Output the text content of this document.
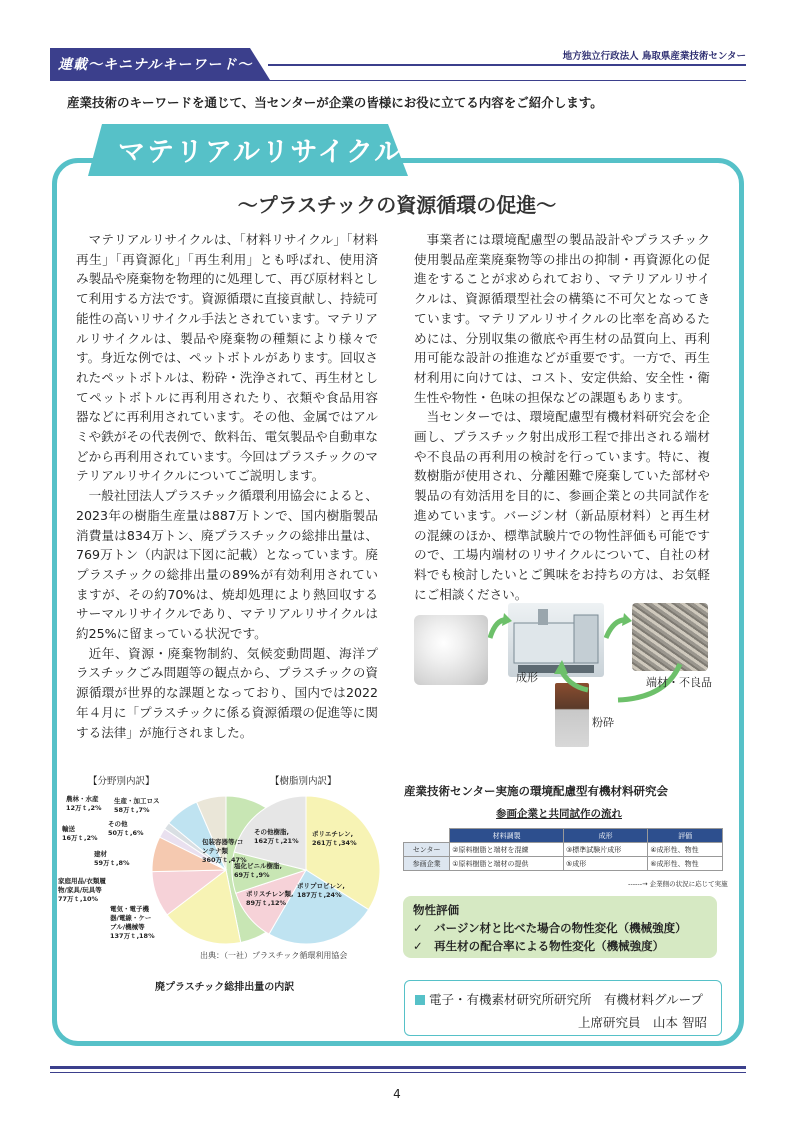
連載～キニナルキーワード～
地方独立行政法人 鳥取県産業技術センター
産業技術のキーワードを通じて、当センターが企業の皆様にお役に立てる内容をご紹介します。
マテリアルリサイクル
～プラスチックの資源循環の促進～

マテリアルリサイクルは、「材料リサイクル」「材料再生」「再資源化」「再生利用」とも呼ばれ、使用済み製品や廃棄物を物理的に処理して、再び原材料として利用する方法です。資源循環に直接貢献し、持続可能性の高いリサイクル手法とされています。マテリアルリサイクルは、製品や廃棄物の種類により様々です。身近な例では、ペットボトルがあります。回収されたペットボトルは、粉砕・洗浄されて、再生材としてペットボトルに再利用されたり、衣類や食品用容器などに再利用されています。その他、金属ではアルミや鉄がその代表例で、飲料缶、電気製品や自動車などから再利用されています。今回はプラスチックのマテリアルリサイクルについてご説明します。

一般社団法人プラスチック循環利用協会によると、2023年の樹脂生産量は887万トンで、国内樹脂製品消費量は834万トン、廃プラスチックの総排出量は、769万トン（内訳は下図に記載）となっています。廃プラスチックの総排出量の89%が有効利用されていますが、その約70%は、焼却処理により熱回収するサーマルリサイクルであり、マテリアルリサイクルは約25%に留まっている状況です。

近年、資源・廃棄物制約、気候変動問題、海洋プラスチックごみ問題等の観点から、プラスチックの資源循環が世界的な課題となっており、国内では2022年４月に「プラスチックに係る資源循環の促進等に関する法律」が施行されました。

事業者には環境配慮型の製品設計やプラスチック使用製品産業廃棄物等の排出の抑制・再資源化の促進をすることが求められており、マテリアルリサイクルは、資源循環型社会の構築に不可欠となってきています。マテリアルリサイクルの比率を高めるためには、分別収集の徹底や再生材の品質向上、再利用可能な設計の推進などが重要です。一方で、再生材利用に向けては、コスト、安定供給、安全性・衛生性や物性・色味の担保などの課題もあります。

当センターでは、環境配慮型有機材料研究会を企画し、プラスチック射出成形工程で排出される端材や不良品の再利用の検討を行っています。特に、複数樹脂が使用され、分離困難で廃棄していた部材や製品の有効活用を目的に、参画企業との共同試作を進めています。バージン材（新品原材料）と再生材の混練のほか、標準試験片での物性評価も可能ですので、工場内端材のリサイクルについて、自社の材料でも検討したいとご興味をお持ちの方は、お気軽にご相談ください。

成形	端材・不良品
粉砕
【分野別内訳】	【樹脂別内訳】
包装容器等/コ
ンテナ類
360万ｔ,47%
電気・電子機
器/電線・ケー
ブル/機械等
137万ｔ,18%
家庭用品/衣類履
物/家具/玩具等
77万ｔ,10%
建材
59万ｔ,8%
輸送
16万ｔ,2%
農林・水産
12万ｔ,2%
生産・加工ロス
58万ｔ,7%
その他
50万ｔ,6%	ポリエチレン,
261万ｔ,34%
ポリプロピレン,
187万ｔ,24%
ポリスチレン類,
89万ｔ,12%
塩化ビニル樹脂,
69万ｔ,9%
その他樹脂,
162万ｔ,21%
出典：（一社）プラスチック循環利用協会
廃プラスチック総排出量の内訳
産業技術センター実施の環境配慮型有機材料研究会
参画企業と共同試作の流れ
	材料調製	成形	評価
センター	②原料樹脂と端材を混練	③標準試験片成形	④成形性、物性
参画企業	①原料樹脂と端材の提供	⑤成形	⑥成形性、物性
------→ 企業側の状況に応じて実施
物性評価
✓　バージン材と比べた場合の物性変化（機械強度）
✓　再生材の配合率による物性変化（機械強度）
電子・有機素材研究所研究所　有機材料グループ
上席研究員　山本 智昭
4
